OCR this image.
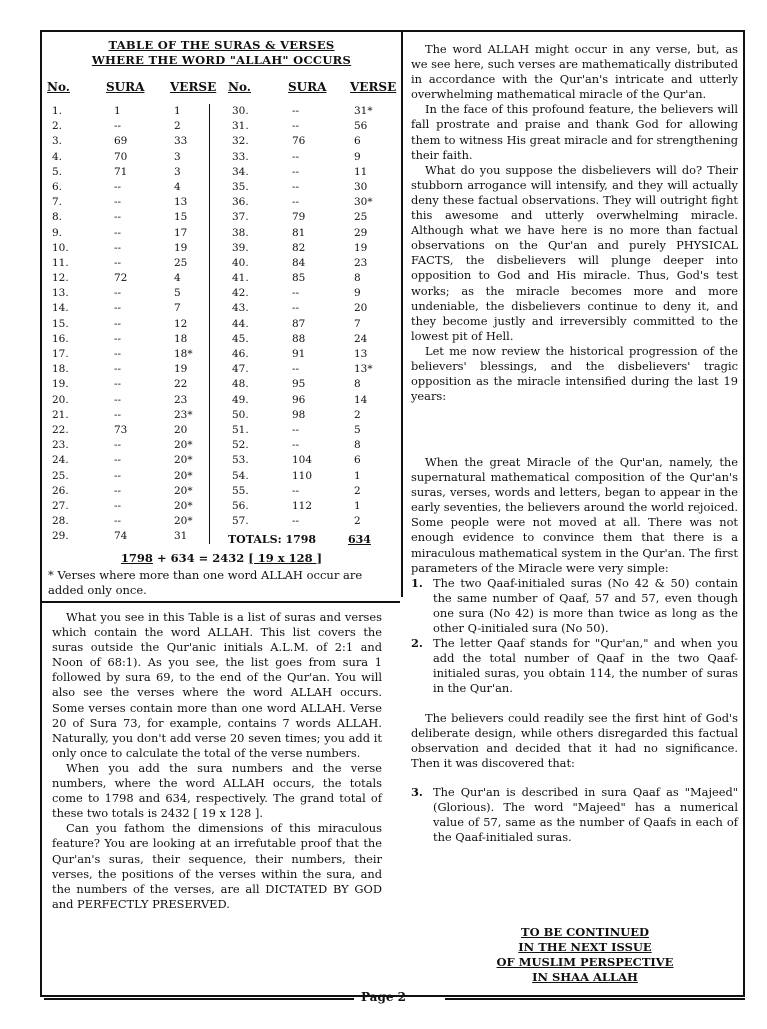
TABLE OF THE SURAS & VERSES
WHERE THE WORD "ALLAH" OCCURS
No.	SURA VERSE No.	SURA VERSE
1.	1	1
2.	--	2
3.	69	33
4.	70	3
5.	71	3
6.	--	4
7.	--	13
8.	--	15
9.	--	17
10.	--	19
11.	--	25
12.	72	4
13.	--	5
14.	--	7
15.	--	12
16.	--	18
17.	--	18*
18.	--	19
19.	--	22
20.	--	23
21.	--	23*
22.	73	20
23.	--	20*
24.	--	20*
25.	--	20*
26.	--	20*
27.	--	20*
28.	--	20*
29.	74	31
30.	--	31*
31.	--	56
32.	76	6
33.	--	9
34.	--	11
35.	--	30
36.	--	30*
37.	79	25
38.	81	29
39.	82	19
40.	84	23
41.	85	8
42.	--	9
43.	--	20
44.	87	7
45.	88	24
46.	91	13
47.	--	13*
48.	95	8
49.	96	14
50.	98	2
51.	--	5
52.	--	8
53.	104	6
54.	110	1
55.	--	2
56.	112	1
57.	--	2
TOTALS: 1798	634
1798 + 634 = 2432 [ 19 x 128 ]
* Verses where more than one word ALLAH occur are added only once.

What you see in this Table is a list of suras and verses which contain the word ALLAH. This list covers the suras outside the Qur'anic initials A.L.M. of 2:1 and Noon of 68:1). As you see, the list goes from sura 1 followed by sura 69, to the end of the Qur'an. You will also see the verses where the word ALLAH occurs. Some verses contain more than one word ALLAH. Verse 20 of Sura 73, for example, contains 7 words ALLAH. Naturally, you don't add verse 20 seven times; you add it only once to calculate the total of the verse numbers.

When you add the sura numbers and the verse numbers, where the word ALLAH occurs, the totals come to 1798 and 634, respectively. The grand total of these two totals is 2432 [ 19 x 128 ].

Can you fathom the dimensions of this miraculous feature? You are looking at an irrefutable proof that the Qur'an's suras, their sequence, their numbers, their verses, the positions of the verses within the sura, and the numbers of the verses, are all DICTATED BY GOD and PERFECTLY PRESERVED.

The word ALLAH might occur in any verse, but, as we see here, such verses are mathematically distributed in accordance with the Qur'an's intricate and utterly overwhelming mathematical miracle of the Qur'an.

In the face of this profound feature, the believers will fall prostrate and praise and thank God for allowing them to witness His great miracle and for strengthening their faith.

What do you suppose the disbelievers will do? Their stubborn arrogance will intensify, and they will actually deny these factual observations. They will outright fight this awesome and utterly overwhelming miracle. Although what we have here is no more than factual observations on the Qur'an and purely PHYSICAL FACTS, the disbelievers will plunge deeper into opposition to God and His miracle. Thus, God's test works; as the miracle becomes more and more undeniable, the disbelievers continue to deny it, and they become justly and irreversibly committed to the lowest pit of Hell.

Let me now review the historical progression of the believers' blessings, and the disbelievers' tragic opposition as the miracle intensified during the last 19 years:

When the great Miracle of the Qur'an, namely, the supernatural mathematical composition of the Qur'an's suras, verses, words and letters, began to appear in the early seventies, the believers around the world rejoiced. Some people were not moved at all. There was not enough evidence to convince them that there is a miraculous mathematical system in the Qur'an. The first parameters of the Miracle were very simple:

1. The two Qaaf-initialed suras (No 42 & 50) contain the same number of Qaaf, 57 and 57, even though one sura (No 42) is more than twice as long as the other Q-initialed sura (No 50).

2. The letter Qaaf stands for "Qur'an," and when you add the total number of Qaaf in the two Qaaf-initialed suras, you obtain 114, the number of suras in the Qur'an.

The believers could readily see the first hint of God's deliberate design, while others disregarded this factual observation and decided that it had no significance. Then it was discovered that:

3. The Qur'an is described in sura Qaaf as "Majeed" (Glorious). The word "Majeed" has a numerical value of 57, same as the number of Qaafs in each of the Qaaf-initialed suras.

TO BE CONTINUED
IN THE NEXT ISSUE
OF MUSLIM PERSPECTIVE
IN SHAA ALLAH
Page 2
